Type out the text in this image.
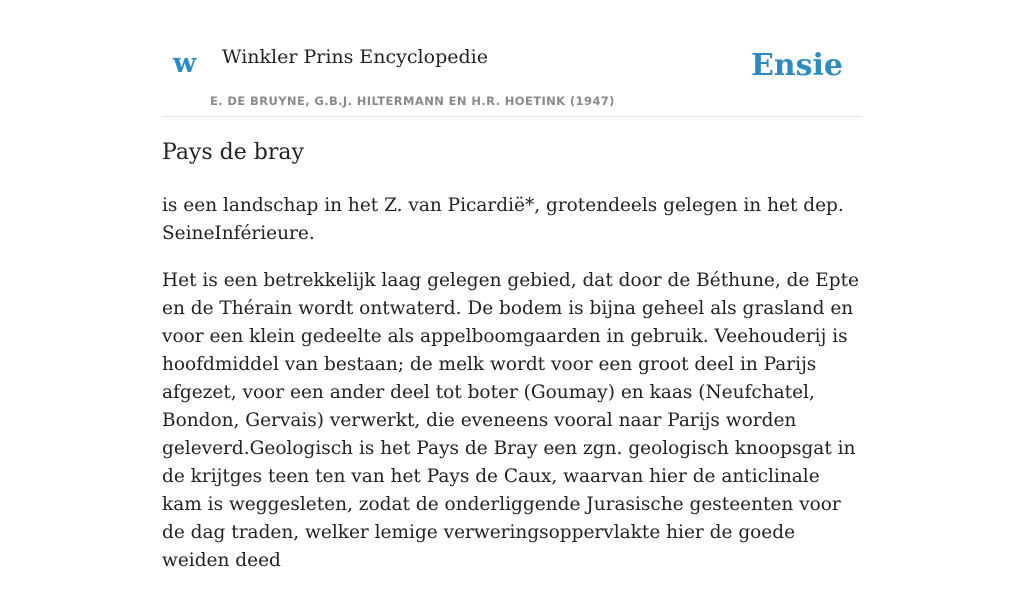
w Winkler Prins Encyclopedie
E. DE BRUYNE, G.B.J. HILTERMANN EN H.R. HOETINK (1947)
Ensie
Pays de bray

is een landschap in het Z. van Picardië*, grotendeels gelegen in het dep. SeineInférieure.

Het is een betrekkelijk laag gelegen gebied, dat door de Béthune, de Epte en de Thérain wordt ontwaterd. De bodem is bijna geheel als grasland en voor een klein gedeelte als appelboomgaarden in gebruik. Veehouderij is hoofdmiddel van bestaan; de melk wordt voor een groot deel in Parijs afgezet, voor een ander deel tot boter (Goumay) en kaas (Neufchatel, Bondon, Gervais) verwerkt, die eveneens vooral naar Parijs worden geleverd.Geologisch is het Pays de Bray een zgn. geologisch knoopsgat in de krijtges teen ten van het Pays de Caux, waarvan hier de anticlinale kam is weggesleten, zodat de onderliggende Jurasische gesteenten voor de dag traden, welker lemige verweringsoppervlakte hier de goede weiden deed
